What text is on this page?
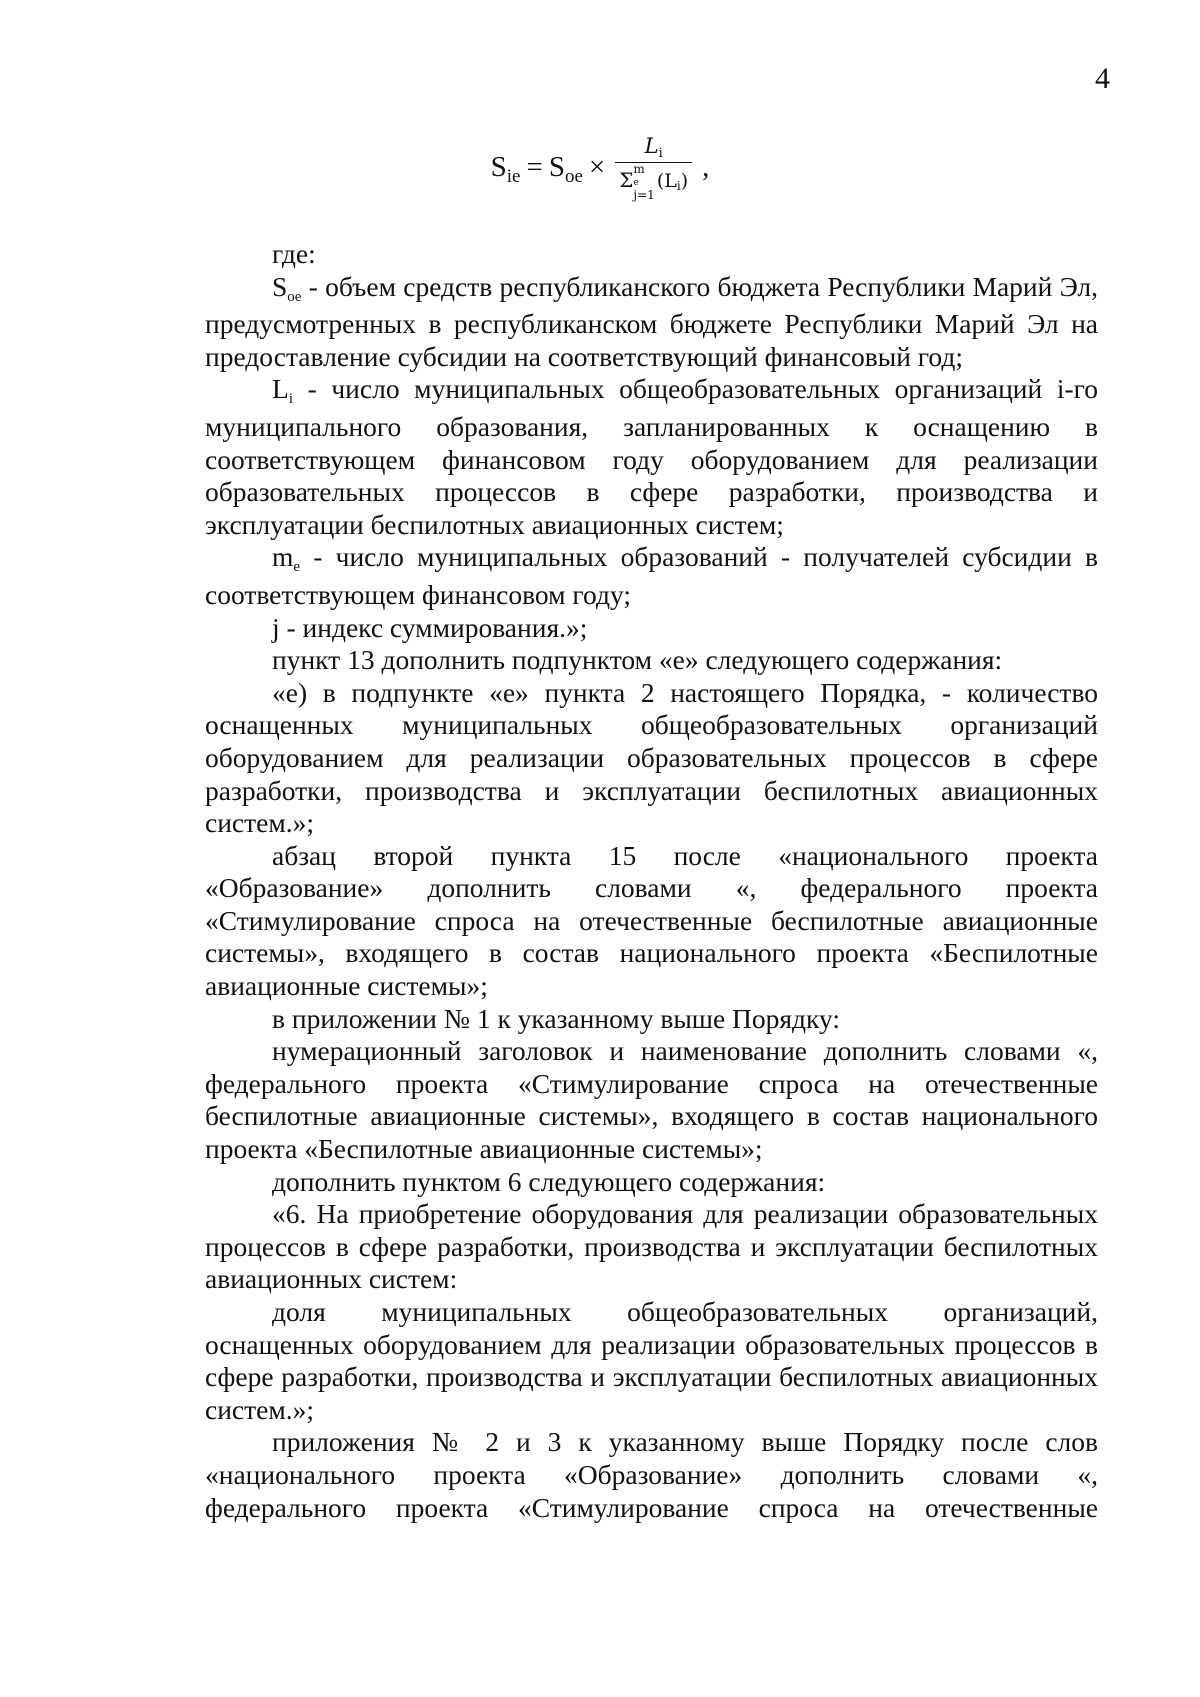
4
$S_{ie} = S_{oe} \times Li$
Σ m
e
j=1
(Li) ,

где:

Soe - объем средств республиканского бюджета Республики Марий Эл, предусмотренных в республиканском бюджете Республики Марий Эл на предоставление субсидии на соответствующий финансовый год;

Li - число муниципальных общеобразовательных организаций i-го муниципального образования, запланированных к оснащению в соответствующем финансовом году оборудованием для реализации образовательных процессов в сфере разработки, производства и эксплуатации беспилотных авиационных систем;

me - число муниципальных образований - получателей субсидии в соответствующем финансовом году;

j - индекс суммирования.»;

пункт 13 дополнить подпунктом «е» следующего содержания:

«е) в подпункте «е» пункта 2 настоящего Порядка, - количество оснащенных муниципальных общеобразовательных организаций оборудованием для реализации образовательных процессов в сфере разработки, производства и эксплуатации беспилотных авиационных систем.»;

абзац второй пункта 15 после «национального проекта «Образование» дополнить словами «, федерального проекта «Стимулирование спроса на отечественные беспилотные авиационные системы», входящего в состав национального проекта «Беспилотные авиационные системы»;

в приложении № 1 к указанному выше Порядку:

нумерационный заголовок и наименование дополнить словами «, федерального проекта «Стимулирование спроса на отечественные беспилотные авиационные системы», входящего в состав национального проекта «Беспилотные авиационные системы»;

дополнить пунктом 6 следующего содержания:

«6. На приобретение оборудования для реализации образовательных процессов в сфере разработки, производства и эксплуатации беспилотных авиационных систем:

доля муниципальных общеобразовательных организаций, оснащенных оборудованием для реализации образовательных процессов в сфере разработки, производства и эксплуатации беспилотных авиационных систем.»;

приложения № 2 и 3 к указанному выше Порядку после слов «национального проекта «Образование» дополнить словами «, федерального проекта «Стимулирование спроса на отечественные
